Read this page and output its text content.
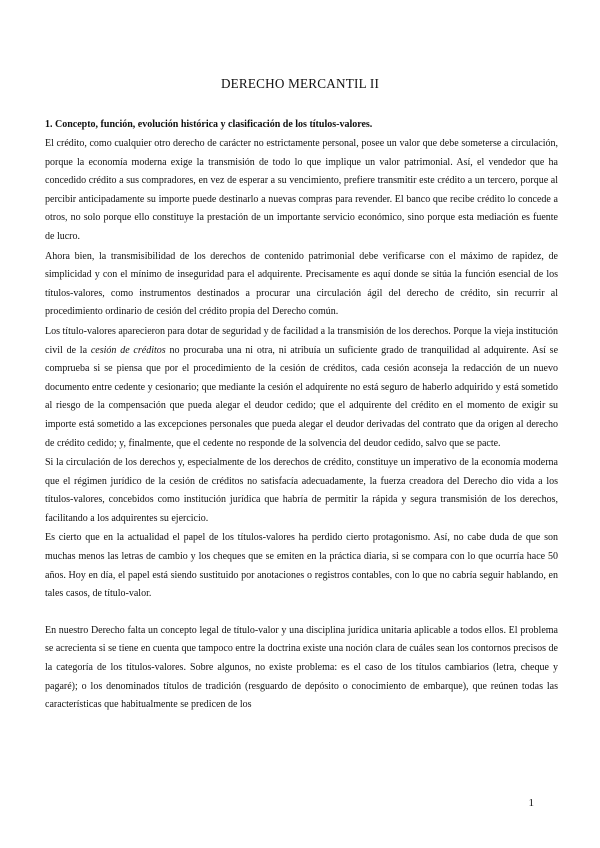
DERECHO MERCANTIL II

1. Concepto, función, evolución histórica y clasificación de los títulos-valores.

El crédito, como cualquier otro derecho de carácter no estrictamente personal, posee un valor que debe someterse a circulación, porque la economía moderna exige la transmisión de todo lo que implique un valor patrimonial. Así, el vendedor que ha concedido crédito a sus compradores, en vez de esperar a su vencimiento, prefiere transmitir este crédito a un tercero, porque al percibir anticipadamente su importe puede destinarlo a nuevas compras para revender. El banco que recibe crédito lo concede a otros, no solo porque ello constituye la prestación de un importante servicio económico, sino porque esta mediación es fuente de lucro.

Ahora bien, la transmisibilidad de los derechos de contenido patrimonial debe verificarse con el máximo de rapidez, de simplicidad y con el mínimo de inseguridad para el adquirente. Precisamente es aquí donde se sitúa la función esencial de los títulos-valores, como instrumentos destinados a procurar una circulación ágil del derecho de crédito, sin recurrir al procedimiento ordinario de cesión del crédito propia del Derecho común.

Los título-valores aparecieron para dotar de seguridad y de facilidad a la transmisión de los derechos. Porque la vieja institución civil de la cesión de créditos no procuraba una ni otra, ni atribuía un suficiente grado de tranquilidad al adquirente. Así se comprueba si se piensa que por el procedimiento de la cesión de créditos, cada cesión aconseja la redacción de un nuevo documento entre cedente y cesionario; que mediante la cesión el adquirente no está seguro de haberlo adquirido y está sometido al riesgo de la compensación que pueda alegar el deudor cedido; que el adquirente del crédito en el momento de exigir su importe está sometido a las excepciones personales que pueda alegar el deudor derivadas del contrato que da origen al derecho de crédito cedido; y, finalmente, que el cedente no responde de la solvencia del deudor cedido, salvo que se pacte.

Si la circulación de los derechos y, especialmente de los derechos de crédito, constituye un imperativo de la economía moderna que el régimen jurídico de la cesión de créditos no satisfacía adecuadamente, la fuerza creadora del Derecho dio vida a los títulos-valores, concebidos como institución jurídica que habría de permitir la rápida y segura transmisión de los derechos, facilitando a los adquirentes su ejercicio.

Es cierto que en la actualidad el papel de los títulos-valores ha perdido cierto protagonismo. Así, no cabe duda de que son muchas menos las letras de cambio y los cheques que se emiten en la práctica diaria, si se compara con lo que ocurría hace 50 años. Hoy en día, el papel está siendo sustituido por anotaciones o registros contables, con lo que no cabría seguir hablando, en tales casos, de título-valor.

En nuestro Derecho falta un concepto legal de título-valor y una disciplina jurídica unitaria aplicable a todos ellos. El problema se acrecienta si se tiene en cuenta que tampoco entre la doctrina existe una noción clara de cuáles sean los contornos precisos de la categoría de los títulos-valores. Sobre algunos, no existe problema: es el caso de los títulos cambiarios (letra, cheque y pagaré); o los denominados títulos de tradición (resguardo de depósito o conocimiento de embarque), que reúnen todas las características que habitualmente se predicen de los

1
